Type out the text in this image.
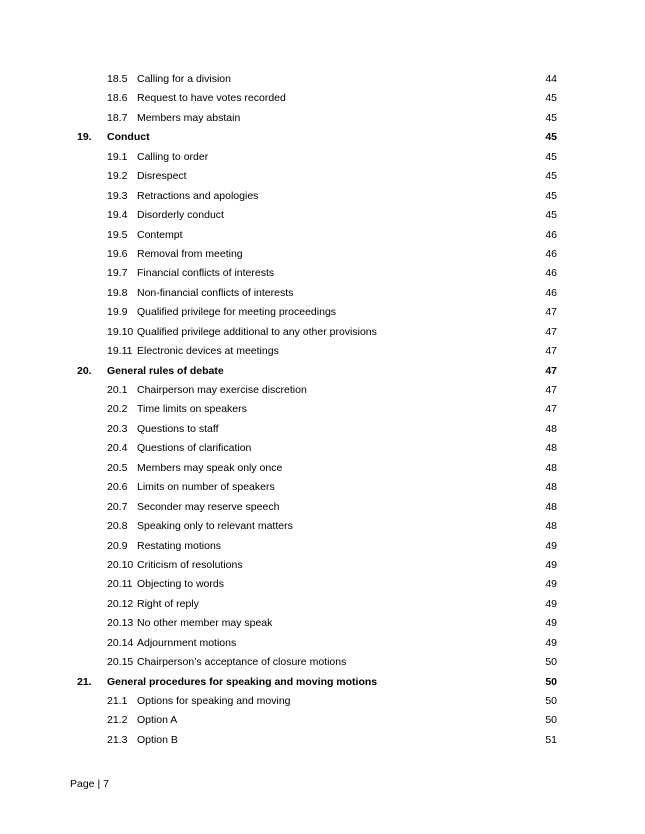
18.5 Calling for a division	44
18.6 Request to have votes recorded	45
18.7 Members may abstain	45
19.	Conduct	45
19.1 Calling to order	45
19.2 Disrespect	45
19.3 Retractions and apologies	45
19.4 Disorderly conduct	45
19.5 Contempt	46
19.6 Removal from meeting	46
19.7 Financial conflicts of interests	46
19.8 Non-financial conflicts of interests	46
19.9 Qualified privilege for meeting proceedings	47
19.10 Qualified privilege additional to any other provisions	47
19.11 Electronic devices at meetings	47
20.	General rules of debate	47
20.1 Chairperson may exercise discretion	47
20.2 Time limits on speakers	47
20.3 Questions to staff	48
20.4 Questions of clarification	48
20.5 Members may speak only once	48
20.6 Limits on number of speakers	48
20.7 Seconder may reserve speech	48
20.8 Speaking only to relevant matters	48
20.9 Restating motions	49
20.10 Criticism of resolutions	49
20.11 Objecting to words	49
20.12 Right of reply	49
20.13 No other member may speak	49
20.14 Adjournment motions	49
20.15 Chairperson’s acceptance of closure motions	50
21.	General procedures for speaking and moving motions	50
21.1 Options for speaking and moving	50
21.2 Option A	50
21.3 Option B	51
Page | 7
